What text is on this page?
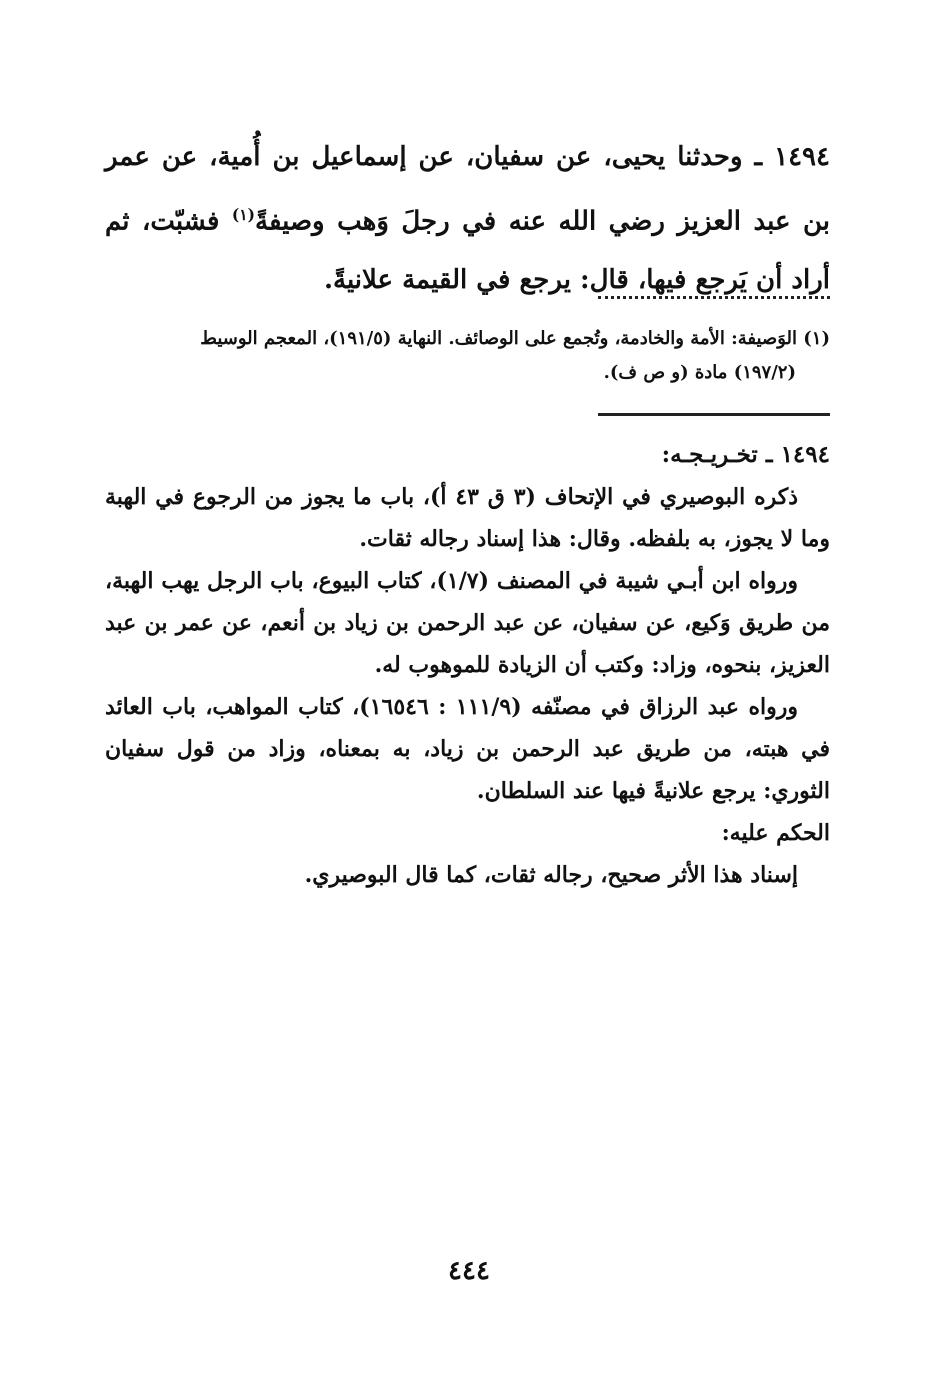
١٤٩٤ ـ وحدثنا يحيى، عن سفيان، عن إسماعيل بن أُمية، عن عمر بن عبد العزيز رضي الله عنه في رجلَ وَهب وصيفةً$^{(١)}$ فشبّت، ثم أراد أن يَرجع فيها، قال: يرجع في القيمة علانيةً.
(١) الوَصيفة: الأمة والخادمة، وتُجمع على الوصائف. النهاية (١٩١/٥)، المعجم الوسيط
(١٩٧/٢) مادة (و ص ف).

١٤٩٤ ـ تخـريـجـه:

ذكره البوصيري في الإتحاف (٣ ق ٤٣ أ)، باب ما يجوز من الرجوع في الهبة وما لا يجوز، به بلفظه. وقال: هذا إسناد رجاله ثقات.

ورواه ابن أبـي شيبة في المصنف (١/٧)، كتاب البيوع، باب الرجل يهب الهبة، من طريق وَكيع، عن سفيان، عن عبد الرحمن بن زياد بن أنعم، عن عمر بن عبد العزيز، بنحوه، وزاد: وكتب أن الزيادة للموهوب له.

ورواه عبد الرزاق في مصنّفه (١١١/٩ : ١٦٥٤٦)، كتاب المواهب، باب العائد في هبته، من طريق عبد الرحمن بن زياد، به بمعناه، وزاد من قول سفيان الثوري: يرجع علانيةً فيها عند السلطان.

الحكم عليه:

إسناد هذا الأثر صحيح، رجاله ثقات، كما قال البوصيري.

٤٤٤
